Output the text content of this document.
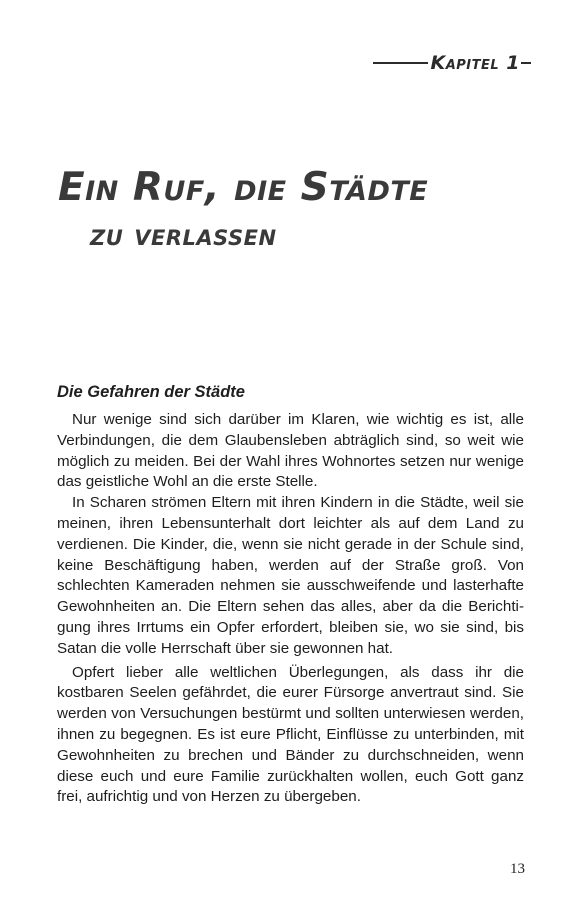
Kapitel 1
Ein Ruf, die Städte
zu verlassen
Die Gefahren der Städte

Nur wenige sind sich darüber im Klaren, wie wichtig es ist, alle Verbindungen, die dem Glaubensleben abträglich sind, so weit wie möglich zu meiden. Bei der Wahl ihres Wohnortes setzen nur wenige das geistliche Wohl an die erste Stelle.

In Scharen strömen Eltern mit ihren Kindern in die Städte, weil sie meinen, ihren Lebensunterhalt dort leichter als auf dem Land zu verdienen. Die Kinder, die, wenn sie nicht gerade in der Schule sind, keine Beschäftigung haben, werden auf der Straße groß. Von schlechten Kameraden nehmen sie ausschweifende und lasterhafte Gewohnheiten an. Die Eltern sehen das alles, aber da die Berichtigung ihres Irrtums ein Opfer erfordert, bleiben sie, wo sie sind, bis Satan die volle Herrschaft über sie gewonnen hat.

Opfert lieber alle weltlichen Überlegungen, als dass ihr die kostbaren Seelen gefährdet, die eurer Fürsorge anvertraut sind. Sie werden von Versuchungen bestürmt und sollten unterwiesen werden, ihnen zu begegnen. Es ist eure Pflicht, Einflüsse zu unterbinden, mit Gewohnheiten zu brechen und Bänder zu durchschneiden, wenn diese euch und eure Familie zurückhalten wollen, euch Gott ganz frei, aufrichtig und von Herzen zu übergeben.

13
